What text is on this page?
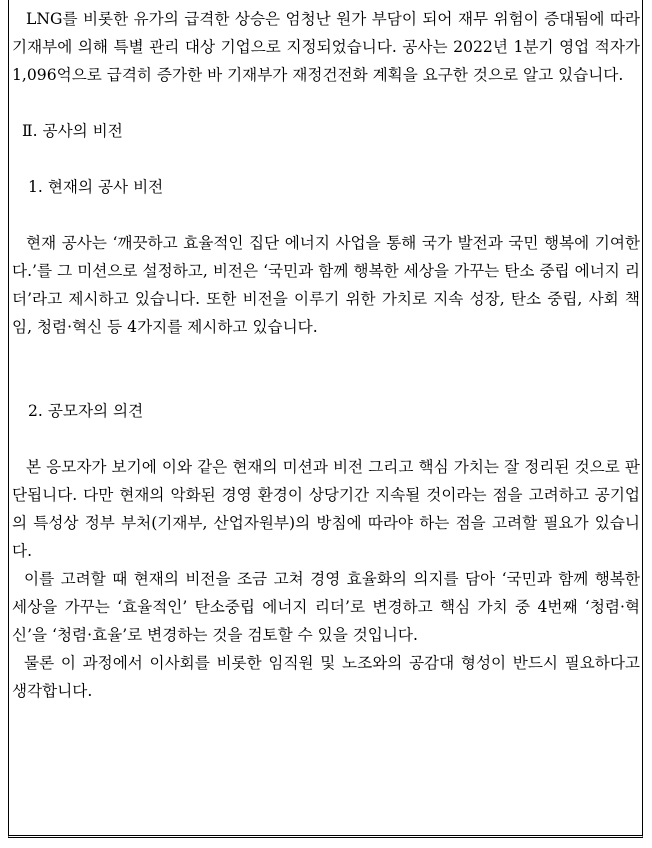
LNG를 비롯한 유가의 급격한 상승은 엄청난 원가 부담이 되어 재무 위험이 증대됨에 따라 기재부에 의해 특별 관리 대상 기업으로 지정되었습니다. 공사는 2022년 1분기 영업 적자가 1,096억으로 급격히 증가한 바 기재부가 재정건전화 계획을 요구한 것으로 알고 있습니다.

Ⅱ. 공사의 비전

1. 현재의 공사 비전

현재 공사는 ‘깨끗하고 효율적인 집단 에너지 사업을 통해 국가 발전과 국민 행복에 기여한다.’를 그 미션으로 설정하고, 비전은 ‘국민과 함께 행복한 세상을 가꾸는 탄소 중립 에너지 리더’라고 제시하고 있습니다. 또한 비전을 이루기 위한 가치로 지속 성장, 탄소 중립, 사회 책임, 청렴·혁신 등 4가지를 제시하고 있습니다.

2. 공모자의 의견

본 응모자가 보기에 이와 같은 현재의 미션과 비전 그리고 핵심 가치는 잘 정리된 것으로 판단됩니다. 다만 현재의 악화된 경영 환경이 상당기간 지속될 것이라는 점을 고려하고 공기업의 특성상 정부 부처(기재부, 산업자원부)의 방침에 따라야 하는 점을 고려할 필요가 있습니다.

이를 고려할 때 현재의 비전을 조금 고쳐 경영 효율화의 의지를 담아 ‘국민과 함께 행복한 세상을 가꾸는 ‘효율적인’ 탄소중립 에너지 리더’로 변경하고 핵심 가치 중 4번째 ‘청렴·혁신’을 ‘청렴·효율’로 변경하는 것을 검토할 수 있을 것입니다.

물론 이 과정에서 이사회를 비롯한 임직원 및 노조와의 공감대 형성이 반드시 필요하다고 생각합니다.
